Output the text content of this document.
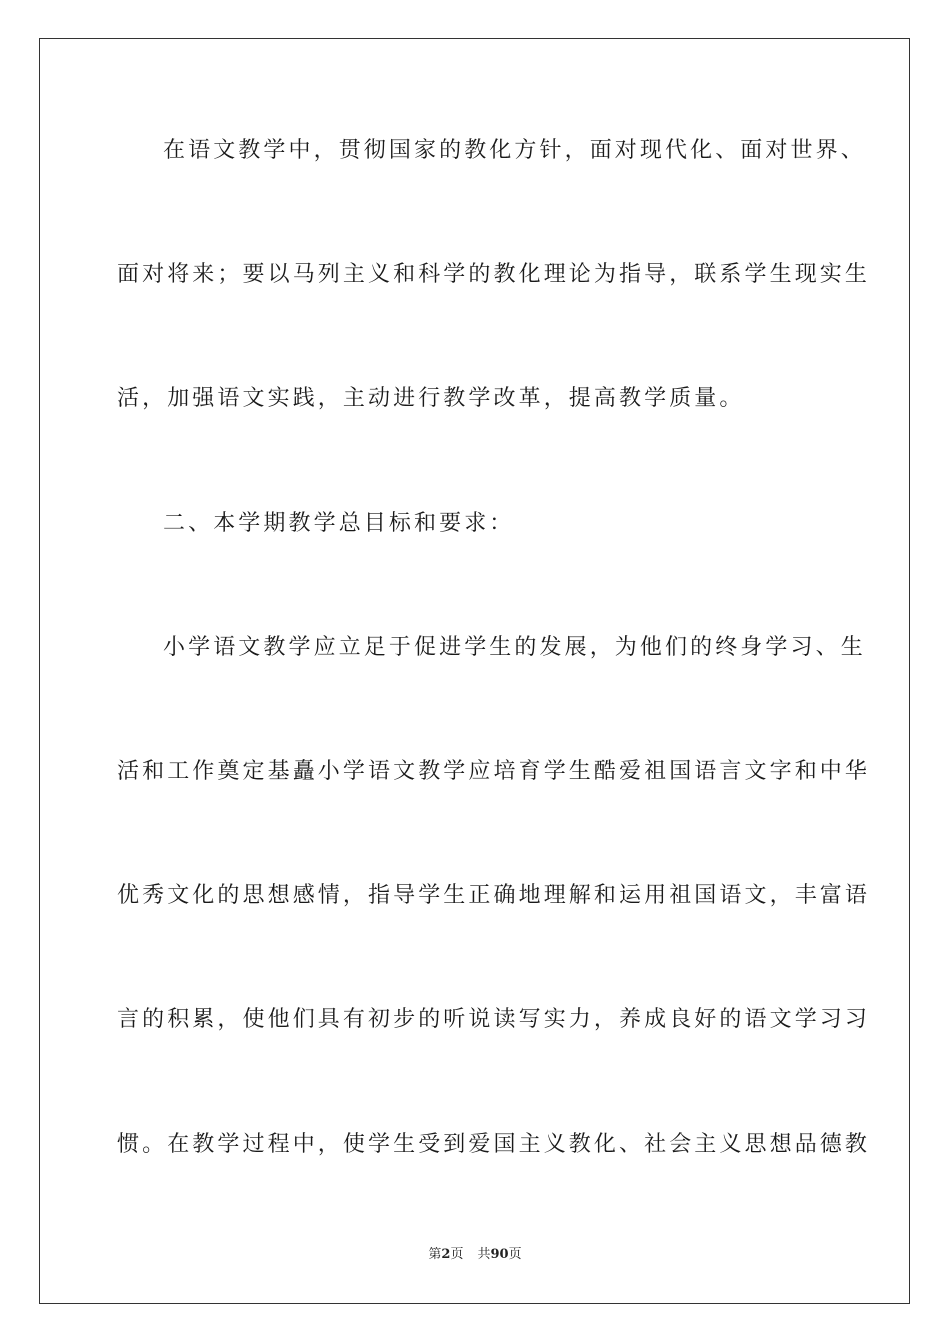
在语文教学中，贯彻国家的教化方针，面对现代化、面对世界、
面对将来；要以马列主义和科学的教化理论为指导，联系学生现实生
活，加强语文实践，主动进行教学改革，提高教学质量。
二、本学期教学总目标和要求：
小学语文教学应立足于促进学生的发展，为他们的终身学习、生
活和工作奠定基矗小学语文教学应培育学生酷爱祖国语言文字和中华
优秀文化的思想感情，指导学生正确地理解和运用祖国语文，丰富语
言的积累，使他们具有初步的听说读写实力，养成良好的语文学习习
惯。在教学过程中，使学生受到爱国主义教化、社会主义思想品德教
第2页 共90页
